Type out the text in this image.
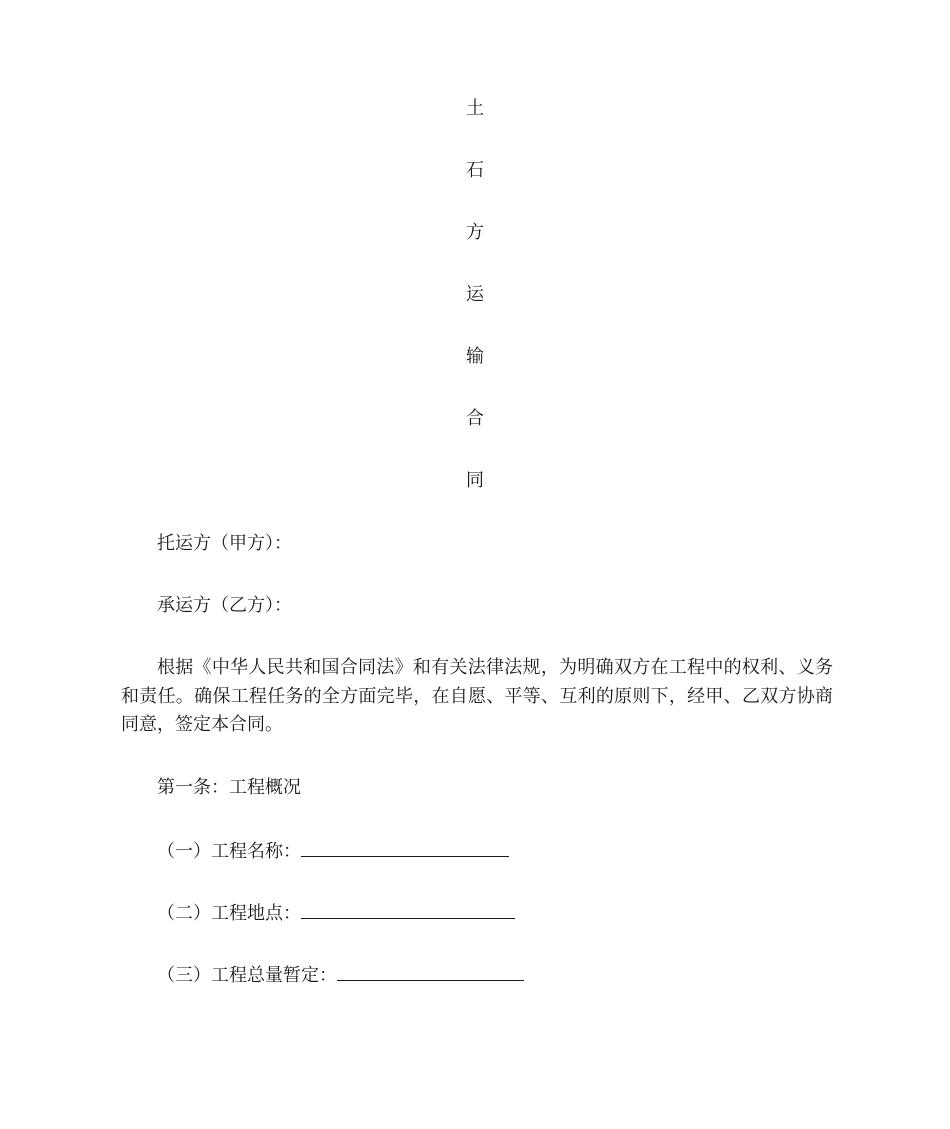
土
石
方
运
输
合
同
托运方（甲方）：
承运方（乙方）：
根据《中华人民共和国合同法》和有关法律法规，为明确双方在工程中的权利、义务和责任。确保工程任务的全方面完毕，在自愿、平等、互利的原则下，经甲、乙双方协商同意，签定本合同。
第一条：工程概况
（一）工程名称：
（二）工程地点：
（三）工程总量暂定：
